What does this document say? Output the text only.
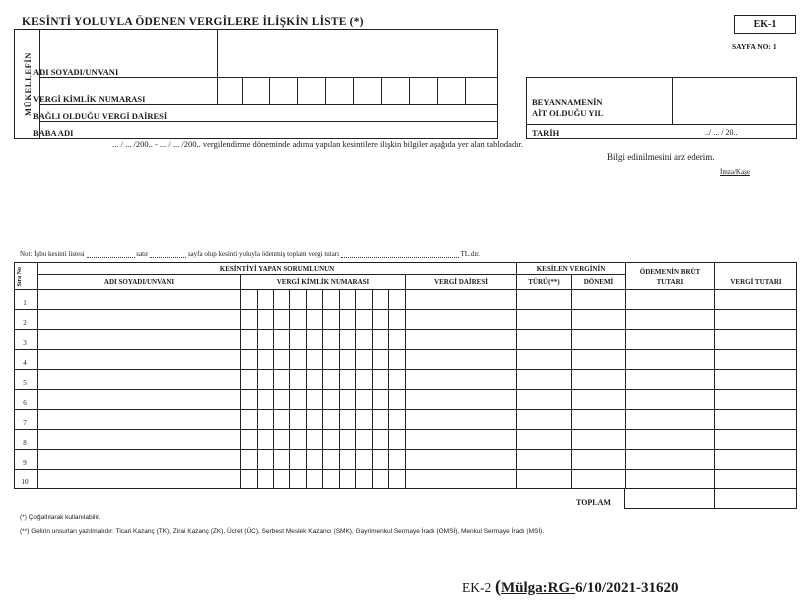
KESİNTİ YOLUYLA ÖDENEN VERGİLERE İLİŞKİN LİSTE (*)	EK-1
SAYFA NO: 1
MÜKELLEFİN ADI SOYADI/UNVANI
VERGİ KİMLİK NUMARASI
BAĞLI OLDUĞU VERGİ DAİRESİ
BABA ADI
BEYANNAMENİN
AİT OLDUĞU YIL
TARİH	../ ... / 20..
... / ... /200.. - ... / ... /200.. vergilendirme döneminde adıma yapılan kesintilere ilişkin bilgiler aşağıda yer alan tablodadır.
Bilgi edinilmesini arz ederim.
İmza/Kaşe
Not: İşbu kesinti listesi	satır	sayfa olup kesinti yoluyla ödenmiş toplam vergi tutarı	TL.dır.
Sıra No	KESİNTİYİ YAPAN SORUMLUNUN	KESİLEN VERGİNİN
ADI SOYADI/UNVANI	VERGİ KİMLİK NUMARASI	VERGİ DAİRESİ	TÜRÜ(**)	DÖNEMİ
ÖDEMENİN BRÜT
TUTARI	VERGİ TUTARI
1
2
3
4
5
6
7
8
9
10
TOPLAM
(*) Çoğaltılarak kullanılabilir.
(**) Gelirin unsurları yazılmalıdır: Ticari Kazanç (TK), Zirai Kazanç (ZK), Ücret (ÜC), Serbest Meslek Kazancı (SMK), Gayrimenkul Sermaye İradı (GMSİ), Menkul Sermaye İradı (MSİ).
EK-2 (Mülga:RG-6/10/2021-31620
